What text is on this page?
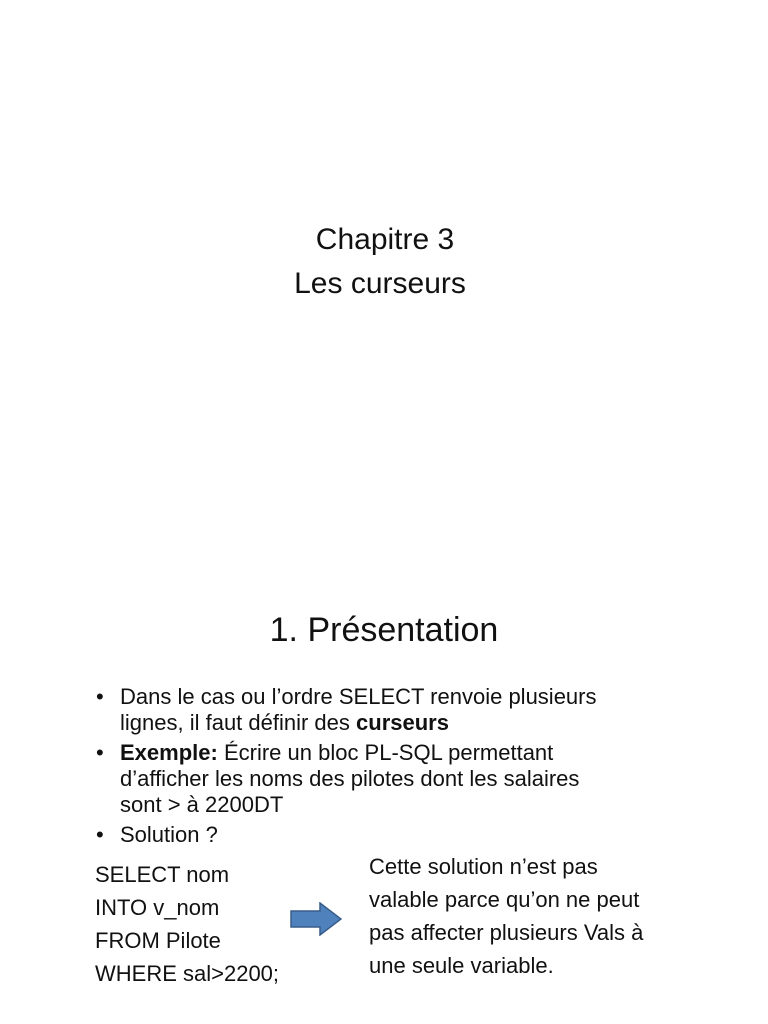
Chapitre 3
Les curseurs
1. Présentation
• Dans le cas ou l’ordre SELECT renvoie plusieurs
lignes, il faut définir des curseurs
• Exemple: Écrire un bloc PL-SQL permettant
d’afficher les noms des pilotes dont les salaires
sont > à 2200DT
• Solution ?
SELECT nom
INTO v_nom
FROM Pilote
WHERE sal>2200;
Cette solution n’est pas
valable parce qu’on ne peut
pas affecter plusieurs Vals à
une seule variable.
